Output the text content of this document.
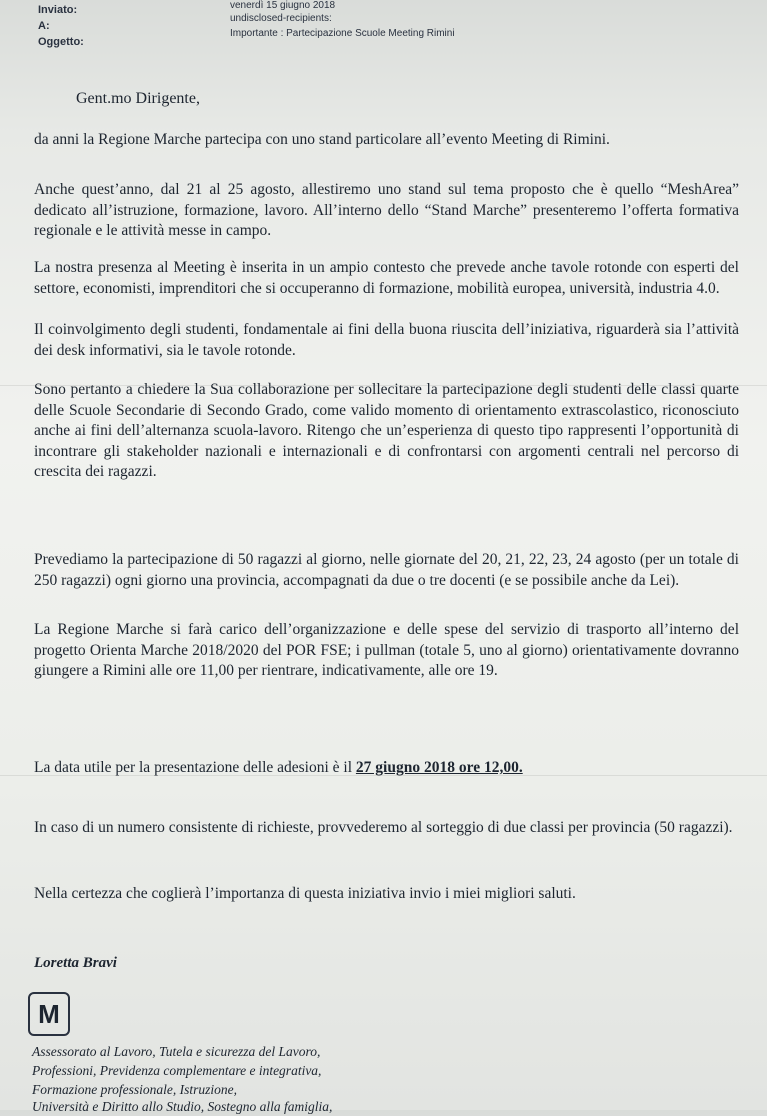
Inviato:	venerdì 15 giugno 2018
A:
undisclosed-recipients:
Oggetto:
Importante : Partecipazione Scuole Meeting Rimini
Gent.mo Dirigente,
da anni la Regione Marche partecipa con uno stand particolare all’evento Meeting di Rimini.
Anche quest’anno, dal 21 al 25 agosto, allestiremo uno stand sul tema proposto che è quello “MeshArea” dedicato all’istruzione, formazione, lavoro. All’interno dello “Stand Marche” presenteremo l’offerta formativa regionale e le attività messe in campo.
La nostra presenza al Meeting è inserita in un ampio contesto che prevede anche tavole rotonde con esperti del settore, economisti, imprenditori che si occuperanno di formazione, mobilità europea, università, industria 4.0.
Il coinvolgimento degli studenti, fondamentale ai fini della buona riuscita dell’iniziativa, riguarderà sia l’attività dei desk informativi, sia le tavole rotonde.
Sono pertanto a chiedere la Sua collaborazione per sollecitare la partecipazione degli studenti delle classi quarte delle Scuole Secondarie di Secondo Grado, come valido momento di orientamento extrascolastico, riconosciuto anche ai fini dell’alternanza scuola-lavoro. Ritengo che un’esperienza di questo tipo rappresenti l’opportunità di incontrare gli stakeholder nazionali e internazionali e di confrontarsi con argomenti centrali nel percorso di crescita dei ragazzi.
Prevediamo la partecipazione di 50 ragazzi al giorno, nelle giornate del 20, 21, 22, 23, 24 agosto (per un totale di 250 ragazzi) ogni giorno una provincia, accompagnati da due o tre docenti (e se possibile anche da Lei).
La Regione Marche si farà carico dell’organizzazione e delle spese del servizio di trasporto all’interno del progetto Orienta Marche 2018/2020 del POR FSE; i pullman (totale 5, uno al giorno) orientativamente dovranno giungere a Rimini alle ore 11,00 per rientrare, indicativamente, alle ore 19.
La data utile per la presentazione delle adesioni è il 27 giugno 2018 ore 12,00.
In caso di un numero consistente di richieste, provvederemo al sorteggio di due classi per provincia (50 ragazzi).
Nella certezza che coglierà l’importanza di questa iniziativa invio i miei migliori saluti.
Loretta Bravi
M
Assessorato al Lavoro, Tutela e sicurezza del Lavoro,
Professioni, Previdenza complementare e integrativa,
Formazione professionale, Istruzione,
Università e Diritto allo Studio, Sostegno alla famiglia,
